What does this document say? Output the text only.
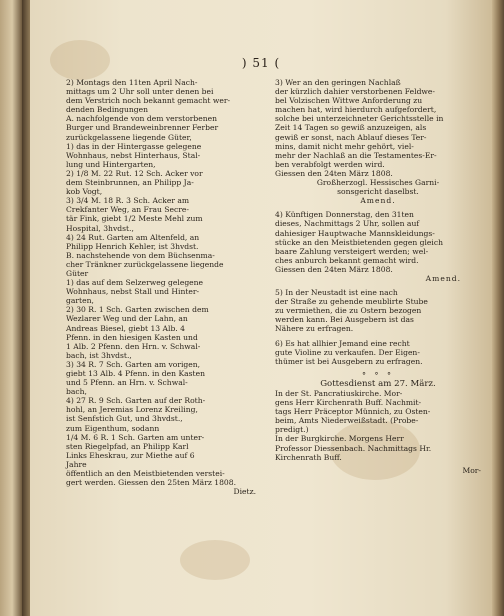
) 51 (

2) Montags den 11ten April Nach-

mittags um 2 Uhr soll unter denen bei

dem Verstrich noch bekannt gemacht wer-

denden Bedingungen

A. nachfolgende von dem verstorbenen

Burger und Brandeweinbrenner Ferber

zurückgelassene liegende Güter,

1) das in der Hintergasse gelegene

Wohnhaus, nebst Hinterhaus, Stal-

lung und Hintergarten,

2) 1/8 M. 22 Rut. 12 Sch. Acker vor

dem Steinbrunnen, an Philipp Ja-

kob Vogt,

3) 3/4 M. 18 R. 3 Sch. Acker am

Crekfanter Weg, an Frau Secre-

tär Fink, giebt 1/2 Meste Mehl zum

Hospital, 3hvdst.,

4) 24 Rut. Garten am Altenfeld, an

Philipp Henrich Kehler, ist 3hvdst.

B. nachstehende von dem Büchsenma-

cher Tränkner zurückgelassene liegende

Güter

1) das auf dem Selzerweg gelegene

Wohnhaus, nebst Stall und Hinter-

garten,

2) 30 R. 1 Sch. Garten zwischen dem

Wezlarer Weg und der Lahn, an

Andreas Biesel, giebt 13 Alb. 4

Pfenn. in den hiesigen Kasten und

1 Alb. 2 Pfenn. den Hrn. v. Schwal-

bach, ist 3hvdst.,

3) 34 R. 7 Sch. Garten am vorigen,

giebt 13 Alb. 4 Pfenn. in den Kasten

und 5 Pfenn. an Hrn. v. Schwal-

bach,

4) 27 R. 9 Sch. Garten auf der Roth-

hohl, an Jeremias Lorenz Kreiling,

ist Senfstich Gut, und 3hvdst.,

zum Eigenthum, sodann

1/4 M. 6 R. 1 Sch. Garten am unter-

sten Riegelpfad, an Philipp Karl

Links Eheskrau, zur Miethe auf 6

Jahre

öffentlich an den Meistbietenden verstei-

gert werden. Giessen den 25ten März 1808.

Dietz.

3) Wer an den geringen Nachlaß

der kürzlich dahier verstorbenen Feldwe-

bel Volzischen Wittwe Anforderung zu

machen hat, wird hierdurch aufgefordert,

solche bei unterzeichneter Gerichtsstelle in

Zeit 14 Tagen so gewiß anzuzeigen, als

gewiß er sonst, nach Ablauf dieses Ter-

mins, damit nicht mehr gehört, viel-

mehr der Nachlaß an die Testamentes-Er-

ben verabfolgt werden wird.

Giessen den 24ten März 1808.

Großherzogl. Hessisches Garni-

sonsgericht daselbst.

Amend.

4) Künftigen Donnerstag, den 31ten

dieses, Nachmittags 2 Uhr, sollen auf

dahiesiger Hauptwache Mannskleidungs-

stücke an den Meistbietenden gegen gleich

baare Zahlung versteigert werden; wel-

ches anburch bekannt gemacht wird.

Giessen den 24ten März 1808.

Amend.

5) In der Neustadt ist eine nach

der Straße zu gehende meublirte Stube

zu vermiethen, die zu Ostern bezogen

werden kann. Bei Ausgebern ist das

Nähere zu erfragen.

6) Es hat allhier Jemand eine recht

gute Violine zu verkaufen. Der Eigen-

thümer ist bei Ausgebern zu erfragen.

° ° °

Gottesdienst am 27. März.

In der St. Pancratiuskirche. Mor-

gens Herr Kirchenrath Buff. Nachmit-

tags Herr Präceptor Münnich, zu Osten-

beim, Amts Niederweißstadt. (Probe-

predigt.)

In der Burgkirche. Morgens Herr

Professor Diessenbach. Nachmittags Hr.

Kirchenrath Buff.

Mor-
